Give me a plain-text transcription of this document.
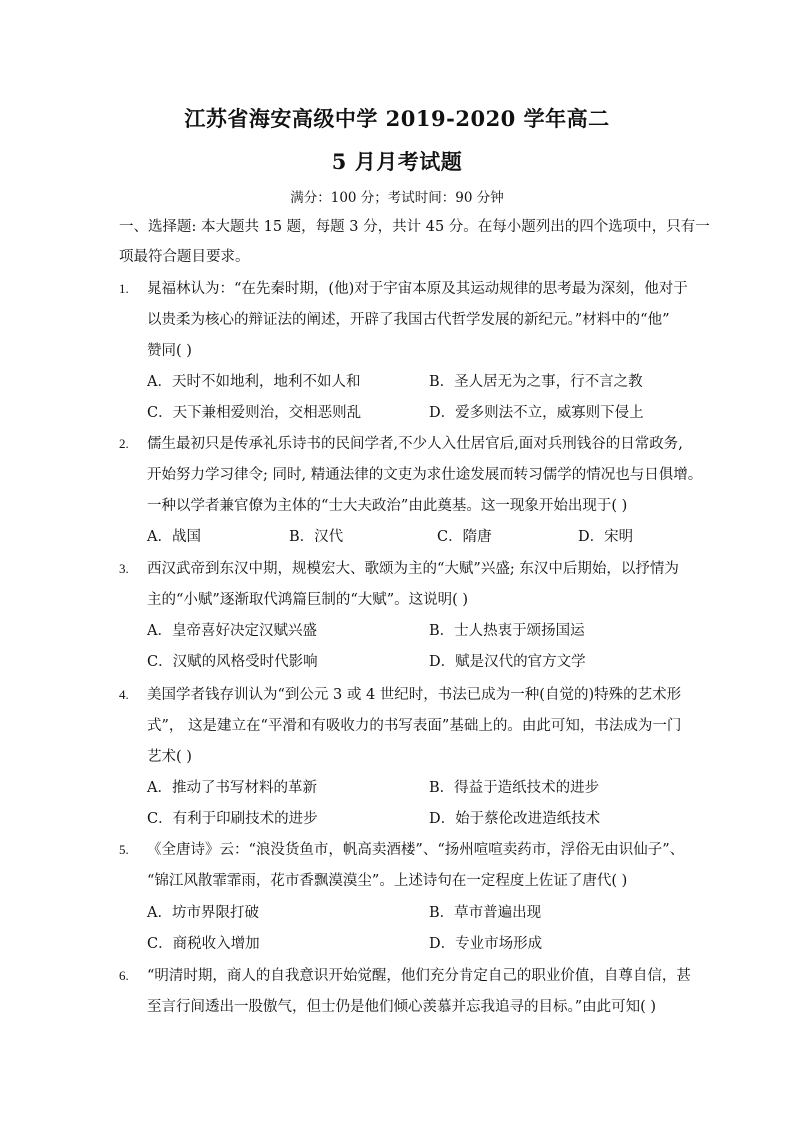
江苏省海安高级中学 2019-2020 学年高二
5 月月考试题
满分：100 分；考试时间：90 分钟
一、选择题: 本大题共 15 题，每题 3 分，共计 45 分。在每小题列出的四个选项中，只有一
项最符合题目要求。
1. 晁福林认为：“在先秦时期，(他)对于宇宙本原及其运动规律的思考最为深刻，他对于
以贵柔为核心的辩证法的阐述，开辟了我国古代哲学发展的新纪元。”材料中的“他”
赞同( )
A．天时不如地利，地利不如人和	B．圣人居无为之事，行不言之教
C．天下兼相爱则治，交相恶则乱	D．爱多则法不立，威寡则下侵上
2. 儒生最初只是传承礼乐诗书的民间学者,不少人入仕居官后,面对兵刑钱谷的日常政务,
开始努力学习律令; 同时, 精通法律的文吏为求仕途发展而转习儒学的情况也与日俱增。
一种以学者兼官僚为主体的“士大夫政治”由此奠基。这一现象开始出现于( )
A．战国	B．汉代	C．隋唐	D．宋明
3. 西汉武帝到东汉中期，规模宏大、歌颂为主的“大赋”兴盛; 东汉中后期始，以抒情为
主的“小赋”逐渐取代鸿篇巨制的“大赋”。这说明( )
A．皇帝喜好决定汉赋兴盛	B．士人热衷于颂扬国运
C．汉赋的风格受时代影响	D．赋是汉代的官方文学
4. 美国学者钱存训认为“到公元 3 或 4 世纪时，书法已成为一种(自觉的)特殊的艺术形
式”， 这是建立在“平滑和有吸收力的书写表面”基础上的。由此可知，书法成为一门
艺术( )
A．推动了书写材料的革新	B．得益于造纸技术的进步
C．有利于印刷技术的进步	D．始于蔡伦改进造纸技术
5. 《全唐诗》云：“浪没货鱼市，帆高卖酒楼”、“扬州喧喧卖药市，浮俗无由识仙子”、
“锦江风散霏霏雨，花市香飘漠漠尘”。上述诗句在一定程度上佐证了唐代( )
A．坊市界限打破	B．草市普遍出现
C．商税收入增加	D．专业市场形成
6. “明清时期，商人的自我意识开始觉醒，他们充分肯定自己的职业价值，自尊自信，甚
至言行间透出一股傲气，但士仍是他们倾心羡慕并忘我追寻的目标。”由此可知( )
